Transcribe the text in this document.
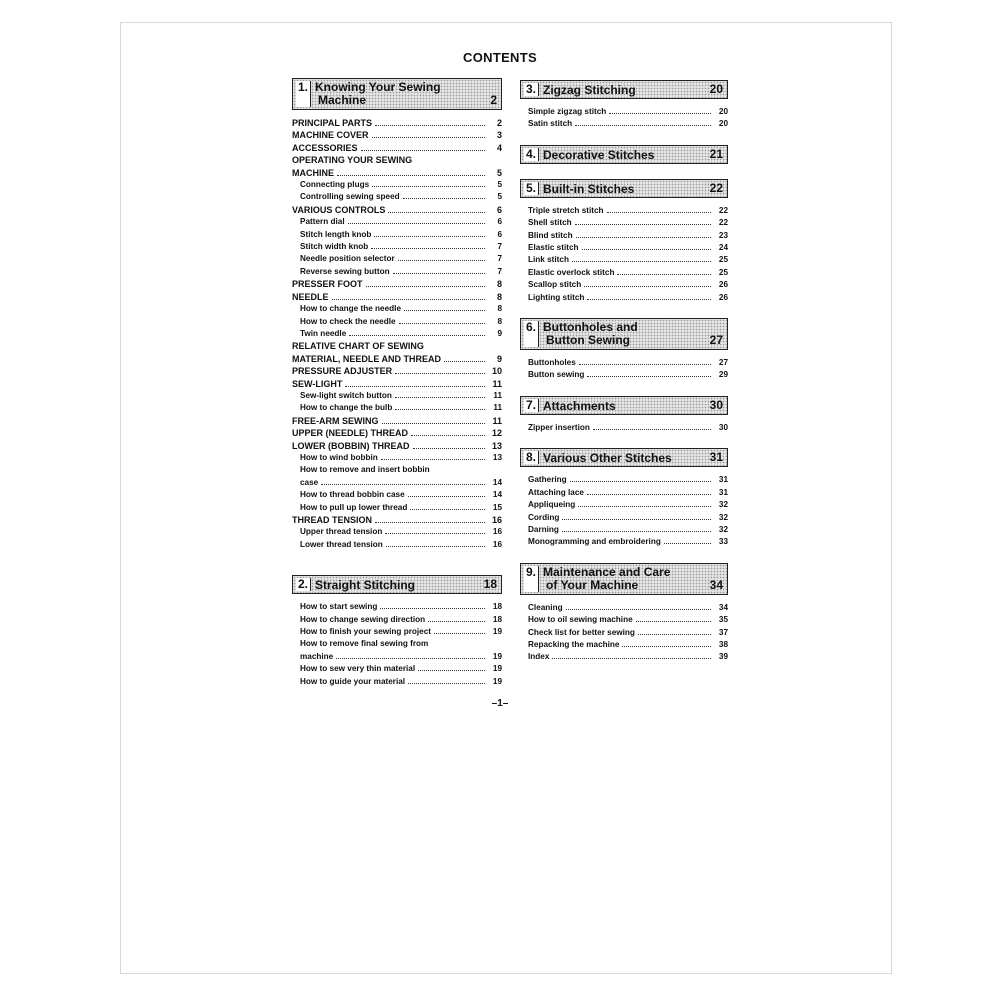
CONTENTS
1. Knowing Your Sewing
Machine	2
PRINCIPAL PARTS	2
MACHINE COVER	3
ACCESSORIES	4
OPERATING YOUR SEWING
MACHINE	5
Connecting plugs	5
Controlling sewing speed	5
VARIOUS CONTROLS	6
Pattern dial	6
Stitch length knob	6
Stitch width knob	7
Needle position selector	7
Reverse sewing button	7
PRESSER FOOT	8
NEEDLE	8
How to change the needle	8
How to check the needle	8
Twin needle	9
RELATIVE CHART OF SEWING
MATERIAL, NEEDLE AND THREAD	9
PRESSURE ADJUSTER	10
SEW-LIGHT	11
Sew-light switch button	11
How to change the bulb	11
FREE-ARM SEWING	11
UPPER (NEEDLE) THREAD	12
LOWER (BOBBIN) THREAD	13
How to wind bobbin	13
How to remove and insert bobbin
case	14
How to thread bobbin case	14
How to pull up lower thread	15
THREAD TENSION	16
Upper thread tension	16
Lower thread tension	16
2. Straight Stitching	18
How to start sewing	18
How to change sewing direction	18
How to finish your sewing project	19
How to remove final sewing from
machine	19
How to sew very thin material	19
How to guide your material	19
3. Zigzag Stitching	20
Simple zigzag stitch	20
Satin stitch	20
4. Decorative Stitches	21
5. Built-in Stitches	22
Triple stretch stitch	22
Shell stitch	22
Blind stitch	23
Elastic stitch	24
Link stitch	25
Elastic overlock stitch	25
Scallop stitch	26
Lighting stitch	26
6. Buttonholes and
Button Sewing	27
Buttonholes	27
Button sewing	29
7. Attachments	30
Zipper insertion	30
8. Various Other Stitches	31
Gathering	31
Attaching lace	31
Appliqueing	32
Cording	32
Darning	32
Monogramming and embroidering	33
9. Maintenance and Care
of Your Machine	34
Cleaning	34
How to oil sewing machine	35
Check list for better sewing	37
Repacking the machine	38
Index	39
–1–
